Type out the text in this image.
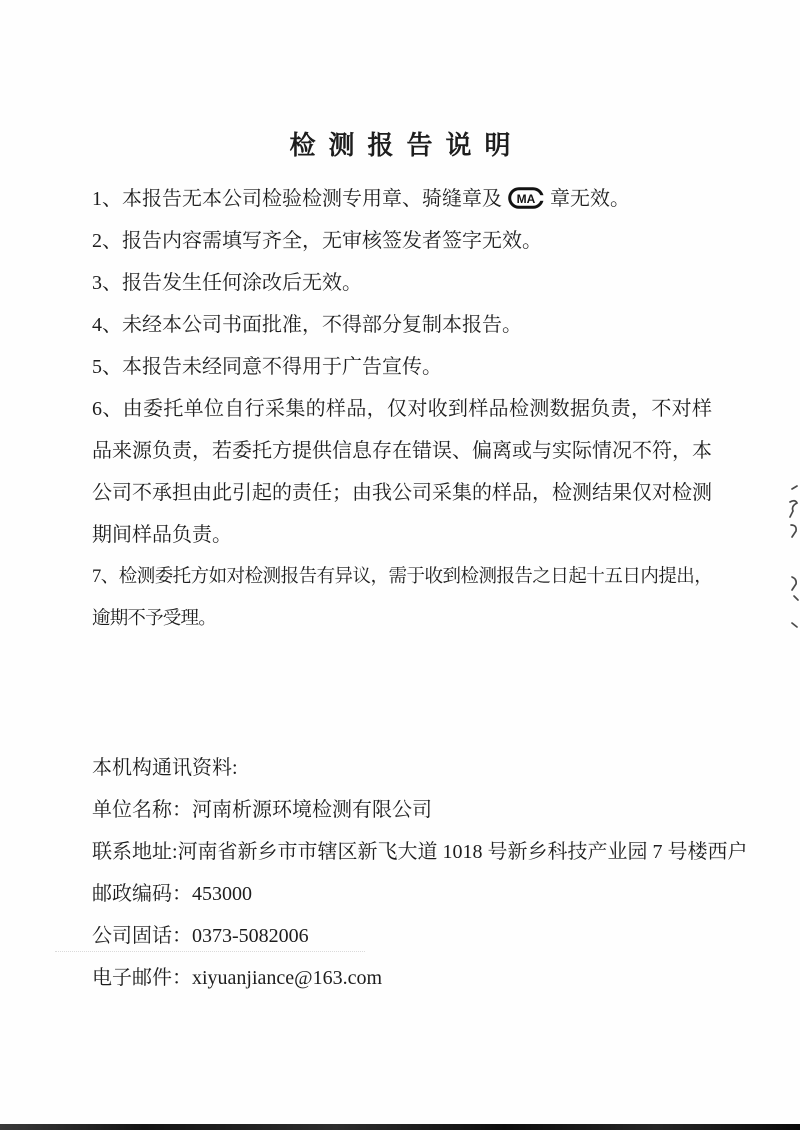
检测报告说明

1、本报告无本公司检验检测专用章、骑缝章及 MA 章无效。

2、报告内容需填写齐全，无审核签发者签字无效。

3、报告发生任何涂改后无效。

4、未经本公司书面批准，不得部分复制本报告。

5、本报告未经同意不得用于广告宣传。

6、由委托单位自行采集的样品，仅对收到样品检测数据负责，不对样品来源负责，若委托方提供信息存在错误、偏离或与实际情况不符，本公司不承担由此引起的责任；由我公司采集的样品，检测结果仅对检测期间样品负责。

7、检测委托方如对检测报告有异议，需于收到检测报告之日起十五日内提出，逾期不予受理。

本机构通讯资料:

单位名称：河南析源环境检测有限公司

联系地址:河南省新乡市市辖区新飞大道 1018 号新乡科技产业园 7 号楼西户

邮政编码：453000

公司固话：0373-5082006

电子邮件：xiyuanjiance@163.com
